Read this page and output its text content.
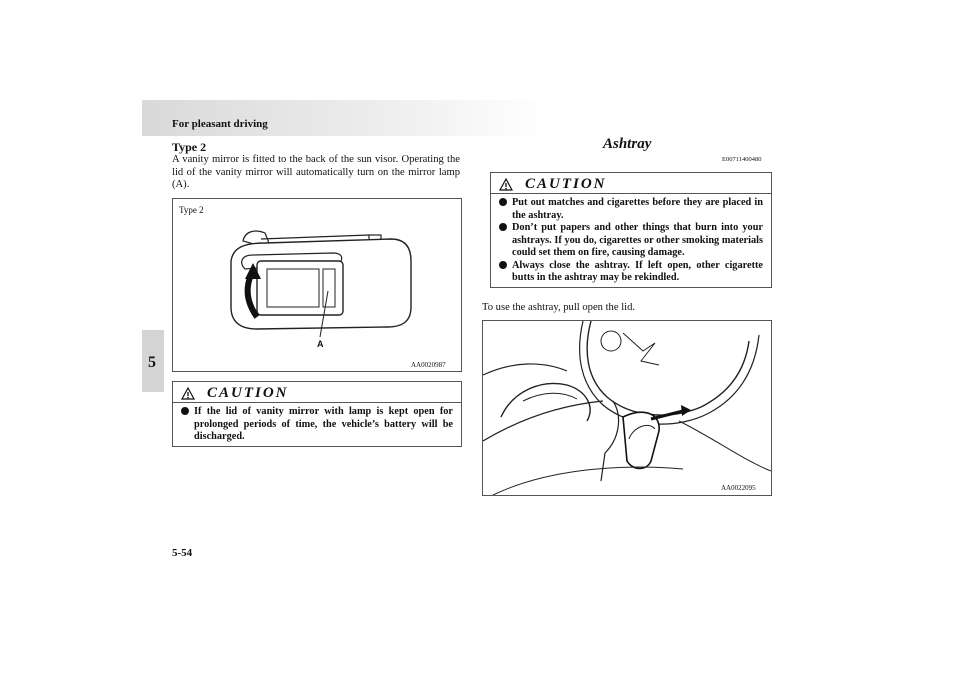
For pleasant driving
5
Type 2
A vanity mirror is fitted to the back of the sun visor. Operating the lid of the vanity mirror will automatically turn on the mirror lamp (A).
Type 2
A
AA0020987
CAUTION
If the lid of vanity mirror with lamp is kept open for prolonged periods of time, the vehicle’s battery will be discharged.
Ashtray
E00711400480
CAUTION
Put out matches and cigarettes before they are placed in the ashtray.
Don’t put papers and other things that burn into your ashtrays. If you do, cigarettes or other smoking materials could set them on fire, causing damage.
Always close the ashtray. If left open, other cigarette butts in the ashtray may be rekindled.
To use the ashtray, pull open the lid.
AA0022095
5-54
